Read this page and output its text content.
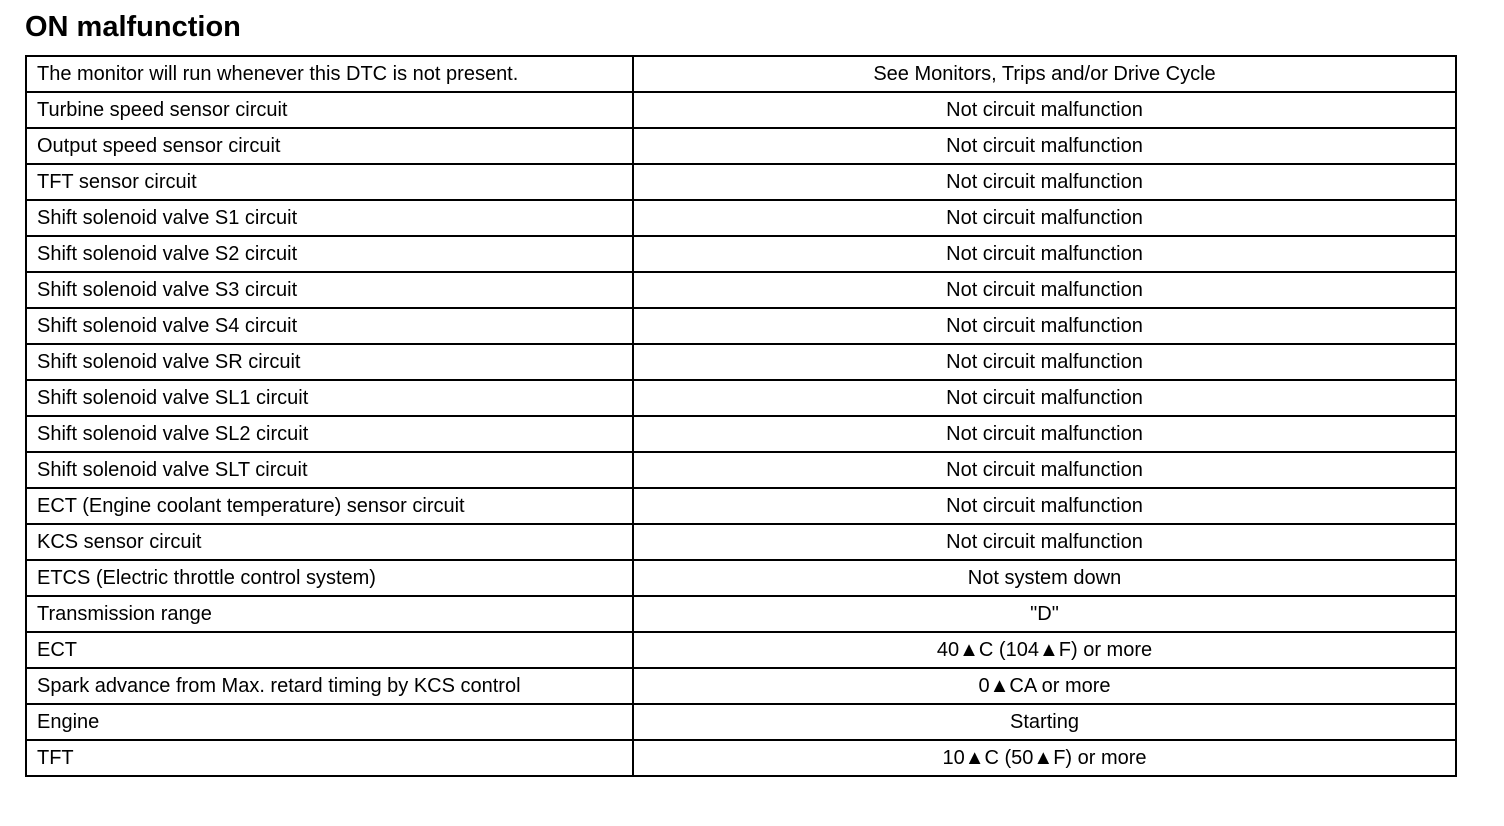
ON malfunction
The monitor will run whenever this DTC is not present.	See Monitors, Trips and/or Drive Cycle
Turbine speed sensor circuit	Not circuit malfunction
Output speed sensor circuit	Not circuit malfunction
TFT sensor circuit	Not circuit malfunction
Shift solenoid valve S1 circuit	Not circuit malfunction
Shift solenoid valve S2 circuit	Not circuit malfunction
Shift solenoid valve S3 circuit	Not circuit malfunction
Shift solenoid valve S4 circuit	Not circuit malfunction
Shift solenoid valve SR circuit	Not circuit malfunction
Shift solenoid valve SL1 circuit	Not circuit malfunction
Shift solenoid valve SL2 circuit	Not circuit malfunction
Shift solenoid valve SLT circuit	Not circuit malfunction
ECT (Engine coolant temperature) sensor circuit	Not circuit malfunction
KCS sensor circuit	Not circuit malfunction
ETCS (Electric throttle control system)	Not system down
Transmission range	"D"
ECT	40▲C (104▲F) or more
Spark advance from Max. retard timing by KCS control	0▲CA or more
Engine	Starting
TFT	10▲C (50▲F) or more
